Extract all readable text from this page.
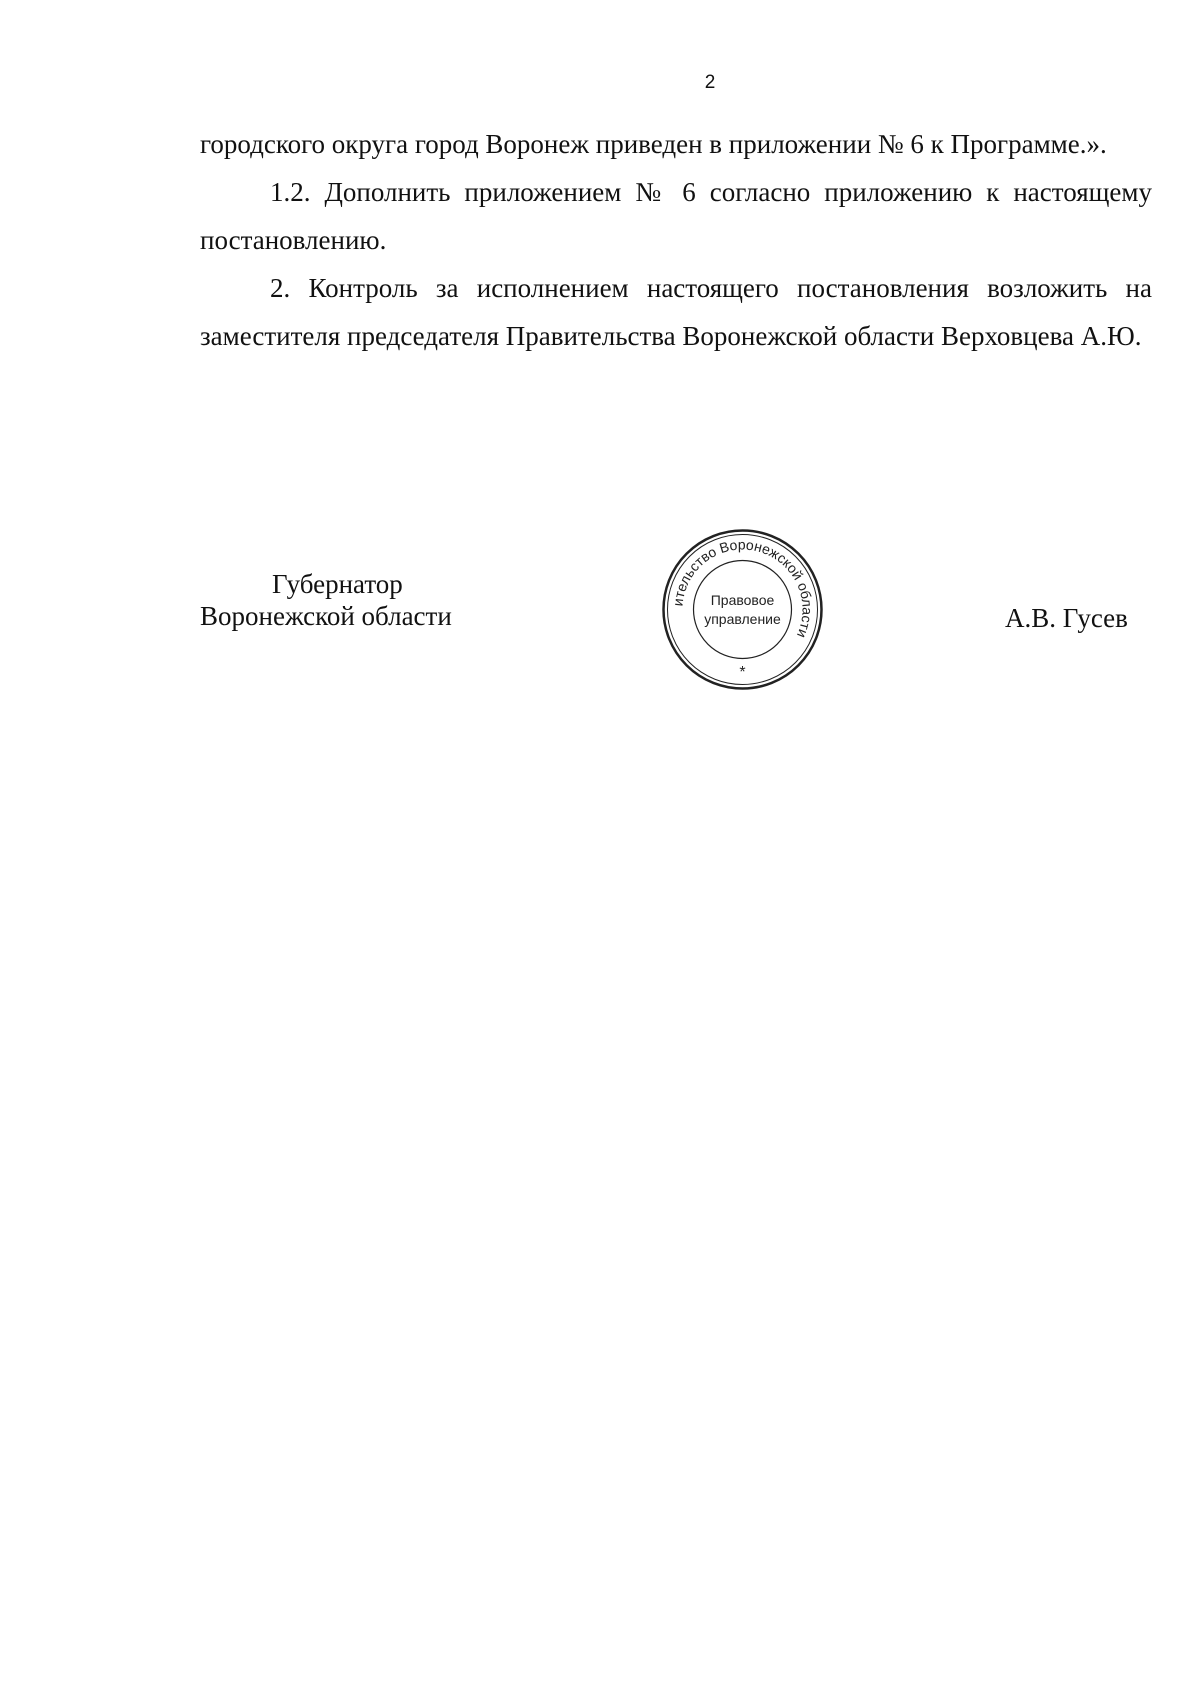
2

городского округа город Воронеж приведен в приложении № 6 к Программе.».

1.2. Дополнить приложением № 6 согласно приложению к настоящему постановлению.

2. Контроль за исполнением настоящего постановления возложить на заместителя председателя Правительства Воронежской области Верховцева А.Ю.

Губернатор
Воронежской области	ительство Воронежской области
Правовое
управление
*
А.В. Гусев
